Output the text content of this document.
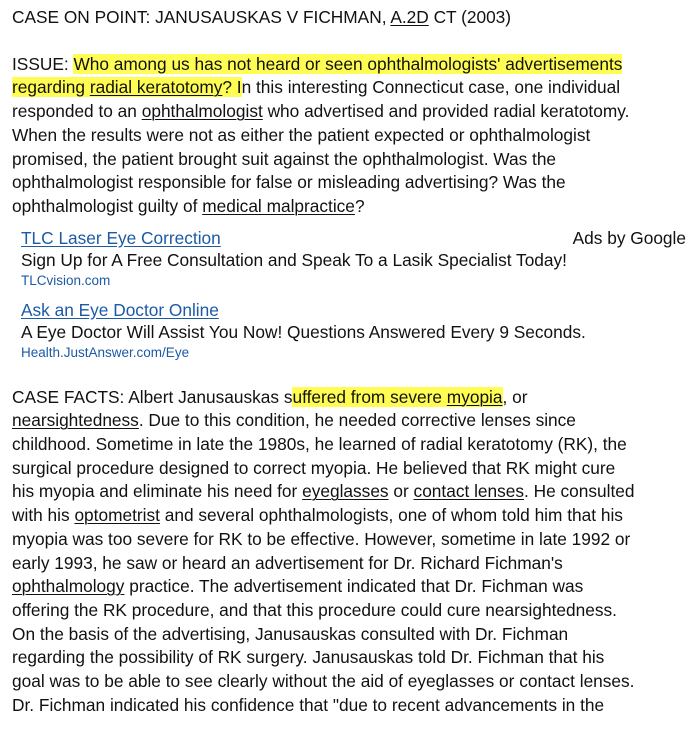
CASE ON POINT: JANUSAUSKAS V FICHMAN, A.2D CT (2003)
ISSUE: Who among us has not heard or seen ophthalmologists' advertisements
regarding radial keratotomy? In this interesting Connecticut case, one individual
responded to an ophthalmologist who advertised and provided radial keratotomy.
When the results were not as either the patient expected or ophthalmologist
promised, the patient brought suit against the ophthalmologist. Was the
ophthalmologist responsible for false or misleading advertising? Was the
ophthalmologist guilty of medical malpractice?
TLC Laser Eye Correction	Ads by Google
Sign Up for A Free Consultation and Speak To a Lasik Specialist Today!
TLCvision.com
Ask an Eye Doctor Online
A Eye Doctor Will Assist You Now! Questions Answered Every 9 Seconds.
Health.JustAnswer.com/Eye
CASE FACTS: Albert Janusauskas suffered from severe myopia, or
nearsightedness. Due to this condition, he needed corrective lenses since
childhood. Sometime in late the 1980s, he learned of radial keratotomy (RK), the
surgical procedure designed to correct myopia. He believed that RK might cure
his myopia and eliminate his need for eyeglasses or contact lenses. He consulted
with his optometrist and several ophthalmologists, one of whom told him that his
myopia was too severe for RK to be effective. However, sometime in late 1992 or
early 1993, he saw or heard an advertisement for Dr. Richard Fichman's
ophthalmology practice. The advertisement indicated that Dr. Fichman was
offering the RK procedure, and that this procedure could cure nearsightedness.
On the basis of the advertising, Janusauskas consulted with Dr. Fichman
regarding the possibility of RK surgery. Janusauskas told Dr. Fichman that his
goal was to be able to see clearly without the aid of eyeglasses or contact lenses.
Dr. Fichman indicated his confidence that "due to recent advancements in the
